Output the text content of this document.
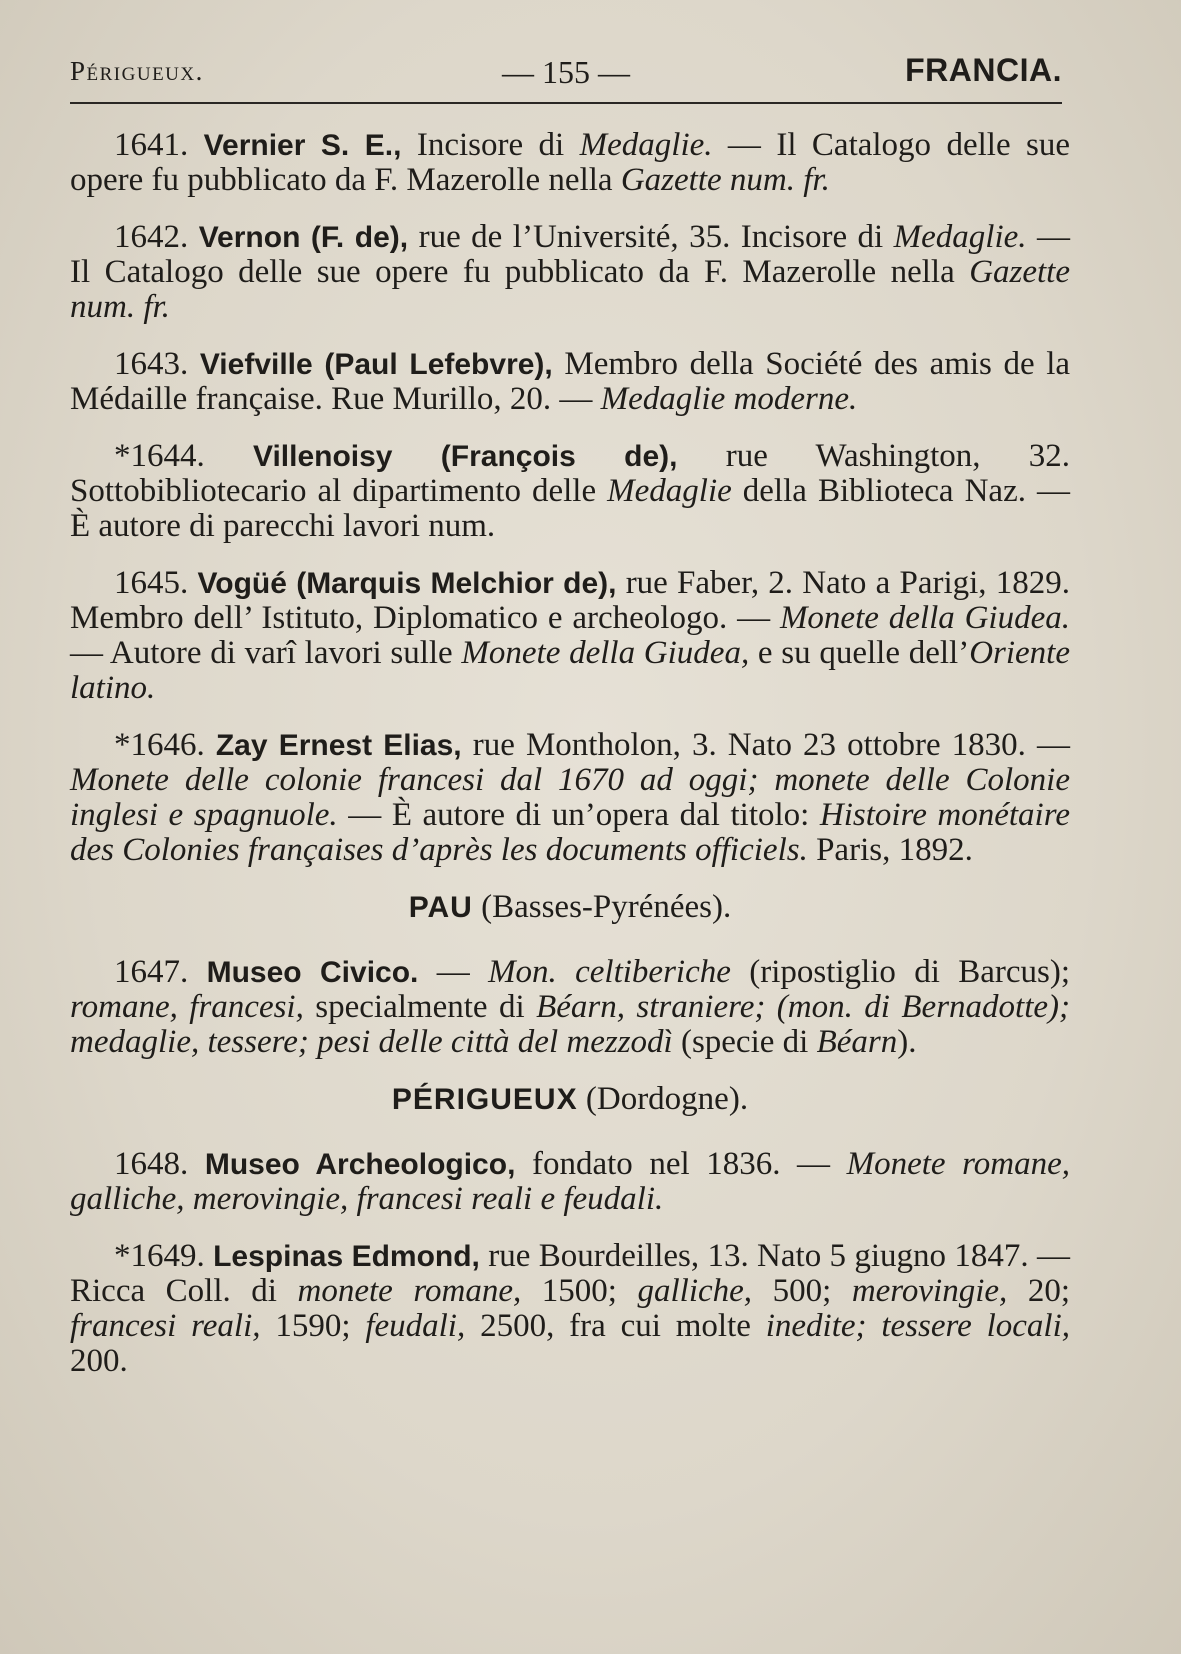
Périgueux.	— 155 —	FRANCIA.

1641. Vernier S. E., Incisore di Medaglie. — Il Catalogo delle sue opere fu pubblicato da F. Mazerolle nella Gazette num. fr.

1642. Vernon (F. de), rue de l’Université, 35. Incisore di Medaglie. — Il Catalogo delle sue opere fu pubblicato da F. Mazerolle nella Gazette num. fr.

1643. Viefville (Paul Lefebvre), Membro della Société des amis de la Médaille française. Rue Murillo, 20. — Medaglie moderne.

*1644. Villenoisy (François de), rue Washington, 32. Sottobibliotecario al dipartimento delle Medaglie della Biblioteca Naz. — È autore di parecchi lavori num.

1645. Vogüé (Marquis Melchior de), rue Faber, 2. Nato a Parigi, 1829. Membro dell’ Istituto, Diplomatico e archeologo. — Monete della Giudea. — Autore di varî lavori sulle Monete della Giudea, e su quelle dell’Oriente latino.

*1646. Zay Ernest Elias, rue Montholon, 3. Nato 23 ottobre 1830. — Monete delle colonie francesi dal 1670 ad oggi; monete delle Colonie inglesi e spagnuole. — È autore di un’opera dal titolo: Histoire monétaire des Colonies françaises d’après les documents officiels. Paris, 1892.

PAU (Basses-Pyrénées).

1647. Museo Civico. — Mon. celtiberiche (ripostiglio di Barcus); romane, francesi, specialmente di Béarn, straniere; (mon. di Bernadotte); medaglie, tessere; pesi delle città del mezzodì (specie di Béarn).

PÉRIGUEUX (Dordogne).

1648. Museo Archeologico, fondato nel 1836. — Monete romane, galliche, merovingie, francesi reali e feudali.

*1649. Lespinas Edmond, rue Bourdeilles, 13. Nato 5 giugno 1847. — Ricca Coll. di monete romane, 1500; galliche, 500; merovingie, 20; francesi reali, 1590; feudali, 2500, fra cui molte inedite; tessere locali, 200.
